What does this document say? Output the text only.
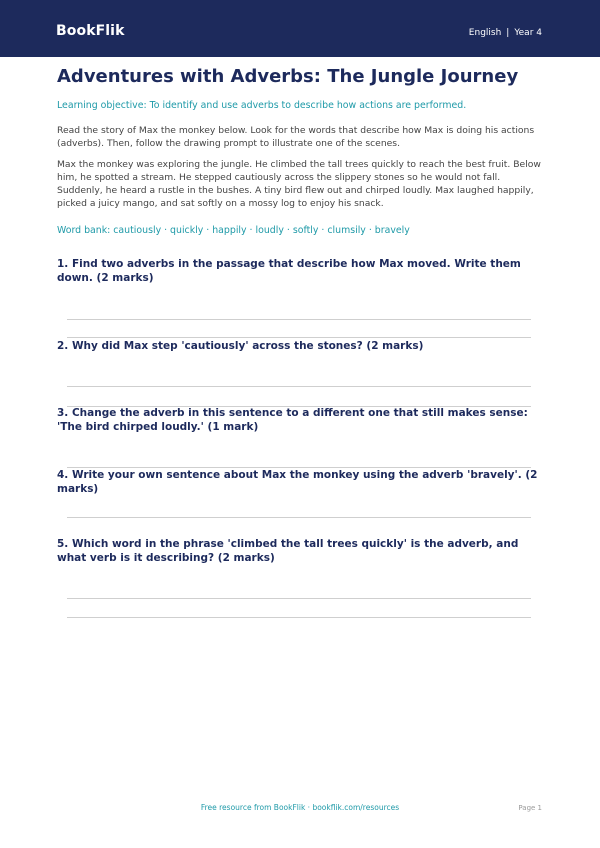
BookFlik	English | Year 4
Adventures with Adverbs: The Jungle Journey
Learning objective: To identify and use adverbs to describe how actions are performed.

Read the story of Max the monkey below. Look for the words that describe how Max is doing his actions (adverbs). Then, follow the drawing prompt to illustrate one of the scenes.

Max the monkey was exploring the jungle. He climbed the tall trees quickly to reach the best fruit. Below him, he spotted a stream. He stepped cautiously across the slippery stones so he would not fall. Suddenly, he heard a rustle in the bushes. A tiny bird flew out and chirped loudly. Max laughed happily, picked a juicy mango, and sat softly on a mossy log to enjoy his snack.

Word bank: cautiously · quickly · happily · loudly · softly · clumsily · bravely
1. Find two adverbs in the passage that describe how Max moved. Write them down. (2 marks)
2. Why did Max step 'cautiously' across the stones? (2 marks)
3. Change the adverb in this sentence to a different one that still makes sense: 'The bird chirped loudly.' (1 mark)
4. Write your own sentence about Max the monkey using the adverb 'bravely'. (2 marks)
5. Which word in the phrase 'climbed the tall trees quickly' is the adverb, and what verb is it describing? (2 marks)
Free resource from BookFlik · bookflik.com/resources	Page 1
